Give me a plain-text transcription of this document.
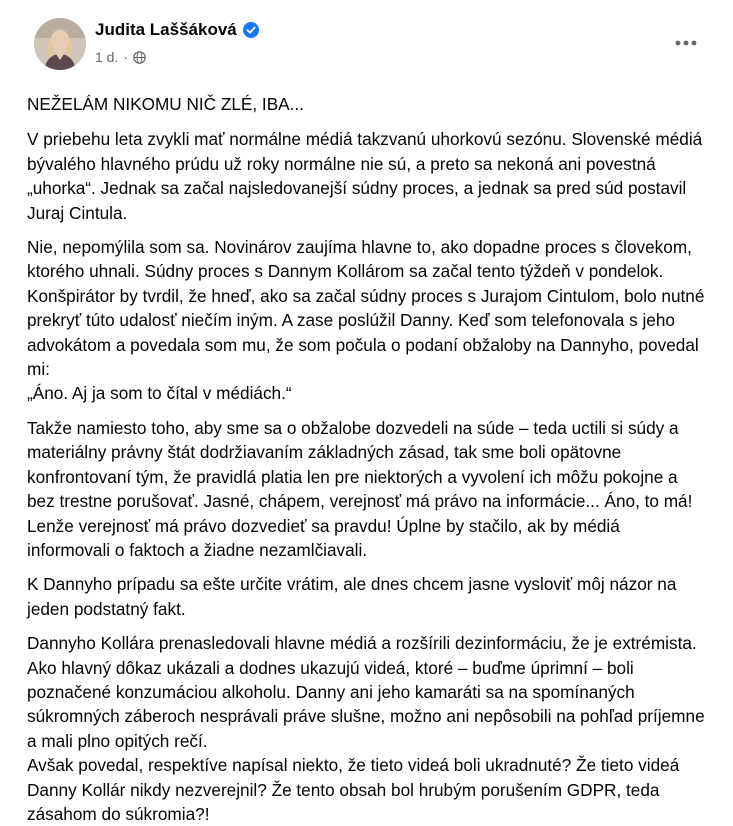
Judita Laššáková
1 d. ·

NEŽELÁM NIKOMU NIČ ZLÉ, IBA...

V priebehu leta zvykli mať normálne médiá takzvanú uhorkovú sezónu. Slovenské médiá bývalého hlavného prúdu už roky normálne nie sú, a preto sa nekoná ani povestná „uhorka“. Jednak sa začal najsledovanejší súdny proces, a jednak sa pred súd postavil Juraj Cintula.

Nie, nepomýlila som sa. Novinárov zaujíma hlavne to, ako dopadne proces s človekom, ktorého uhnali. Súdny proces s Dannym Kollárom sa začal tento týždeň v pondelok. Konšpirátor by tvrdil, že hneď, ako sa začal súdny proces s Jurajom Cintulom, bolo nutné prekryť túto udalosť niečím iným. A zase poslúžil Danny. Keď som telefonovala s jeho advokátom a povedala som mu, že som počula o podaní obžaloby na Dannyho, povedal mi:
„Áno. Aj ja som to čítal v médiách.“

Takže namiesto toho, aby sme sa o obžalobe dozvedeli na súde – teda uctili si súdy a materiálny právny štát dodržiavaním základných zásad, tak sme boli opätovne konfrontovaní tým, že pravidlá platia len pre niektorých a vyvolení ich môžu pokojne a bez trestne porušovať. Jasné, chápem, verejnosť má právo na informácie... Áno, to má! Lenže verejnosť má právo dozvedieť sa pravdu! Úplne by stačilo, ak by médiá informovali o faktoch a žiadne nezamlčiavali.

K Dannyho prípadu sa ešte určite vrátim, ale dnes chcem jasne vysloviť môj názor na jeden podstatný fakt.

Dannyho Kollára prenasledovali hlavne médiá a rozšírili dezinformáciu, že je extrémista. Ako hlavný dôkaz ukázali a dodnes ukazujú videá, ktoré – buďme úprimní – boli poznačené konzumáciou alkoholu. Danny ani jeho kamaráti sa na spomínaných súkromných záberoch nesprávali práve slušne, možno ani nepôsobili na pohľad príjemne a mali plno opitých rečí.
Avšak povedal, respektíve napísal niekto, že tieto videá boli ukradnuté? Že tieto videá Danny Kollár nikdy nezverejnil? Že tento obsah bol hrubým porušením GDPR, teda zásahom do súkromia?!
